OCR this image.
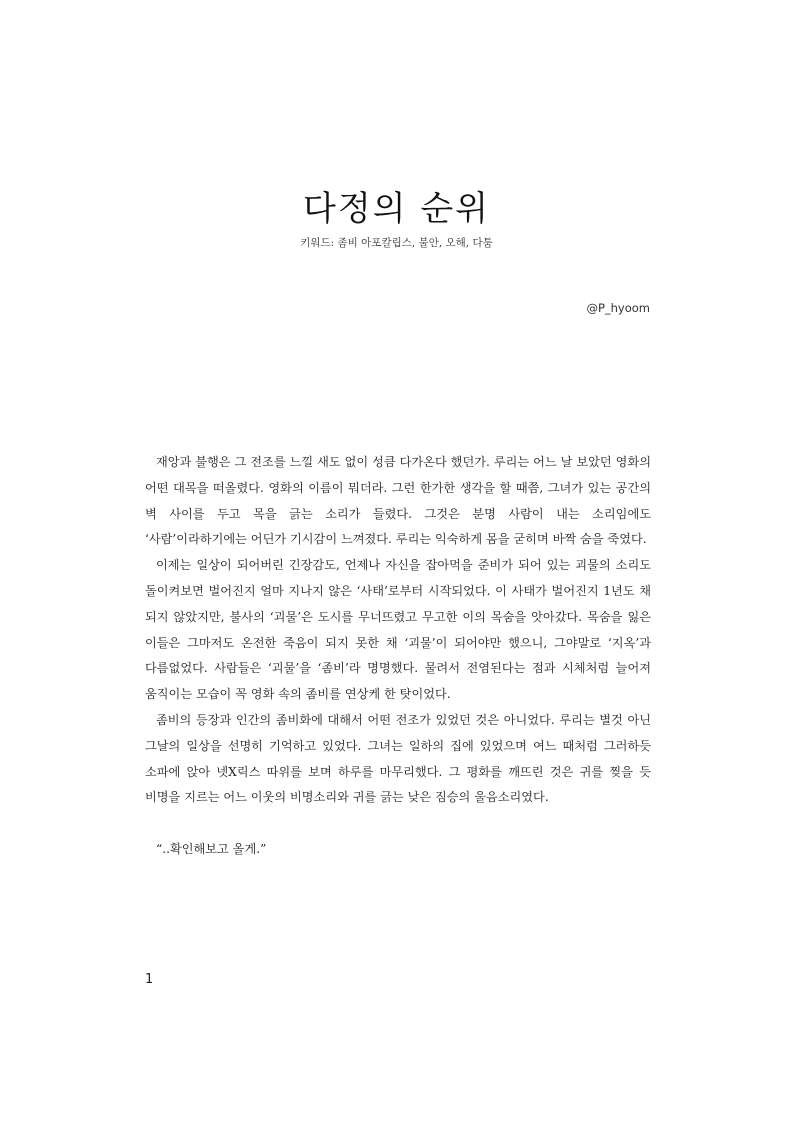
다정의 순위
키워드: 좀비 아포칼립스, 불안, 오해, 다툼
@P_hyoom

재앙과 불행은 그 전조를 느낄 새도 없이 성큼 다가온다 했던가. 루리는 어느 날 보았던 영화의 어떤 대목을 떠올렸다. 영화의 이름이 뭐더라. 그런 한가한 생각을 할 때쯤, 그녀가 있는 공간의 벽 사이를 두고 목을 긁는 소리가 들렸다. 그것은 분명 사람이 내는 소리임에도 ‘사람’이라하기에는 어딘가 기시감이 느껴졌다. 루리는 익숙하게 몸을 굳히며 바짝 숨을 죽였다.

이제는 일상이 되어버린 긴장감도, 언제나 자신을 잡아먹을 준비가 되어 있는 괴물의 소리도 돌이켜보면 벌어진지 얼마 지나지 않은 ‘사태’로부터 시작되었다. 이 사태가 벌어진지 1년도 채 되지 않았지만, 불사의 ‘괴물’은 도시를 무너뜨렸고 무고한 이의 목숨을 앗아갔다. 목숨을 잃은 이들은 그마저도 온전한 죽음이 되지 못한 채 ‘괴물’이 되어야만 했으니, 그야말로 ‘지옥’과 다름없었다. 사람들은 ‘괴물’을 ‘좀비’라 명명했다. 물려서 전염된다는 점과 시체처럼 늘어져 움직이는 모습이 꼭 영화 속의 좀비를 연상케 한 탓이었다.

좀비의 등장과 인간의 좀비화에 대해서 어떤 전조가 있었던 것은 아니었다. 루리는 별것 아닌 그날의 일상을 선명히 기억하고 있었다. 그녀는 일하의 집에 있었으며 여느 때처럼 그러하듯 소파에 앉아 넷X릭스 따위를 보며 하루를 마무리했다. 그 평화를 깨뜨린 것은 귀를 찢을 듯 비명을 지르는 어느 이웃의 비명소리와 귀를 긁는 낮은 짐승의 울음소리였다.

“..확인해보고 올게.”

1
